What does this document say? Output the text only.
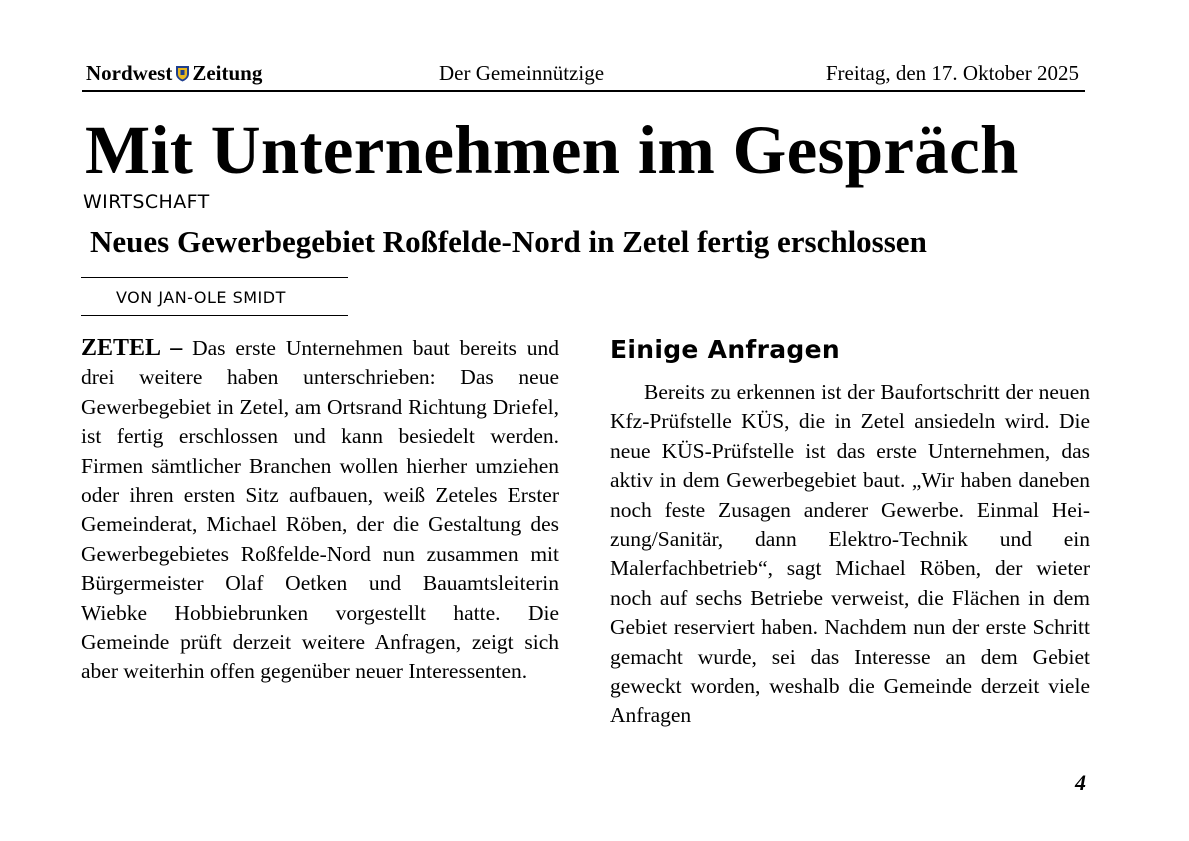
Nordwest Zeitung	Der Gemeinnützige	Freitag, den 17. Oktober 2025
Mit Unternehmen im Gespräch
WIRTSCHAFT
Neues Gewerbegebiet Roßfelde-Nord in Zetel fertig erschlossen
VON JAN-OLE SMIDT

ZETEL – Das erste Unternehmen baut bereits und drei weitere haben unterschrieben: Das neue Gewerbegebiet in Zetel, am Ortsrand Richtung Driefel, ist fertig erschlossen und kann besiedelt werden. Firmen sämtlicher Branchen wollen hierher umziehen oder ihren ersten Sitz aufbauen, weiß Zeteles Erster Gemeinderat, Michael Röben, der die Gestaltung des Gewerbegebietes Roßfelde-Nord nun zusammen mit Bürgermeister Olaf Oetken und Bauamtsleiterin Wiebke Hobbiebrunken vorgestellt hatte. Die Gemeinde prüft derzeit weitere Anfragen, zeigt sich aber weiterhin offen gegenüber neuer Interessenten.

Einige Anfragen

Bereits zu erkennen ist der Baufortschritt der neuen Kfz-Prüfstelle KÜS, die in Zetel ansiedeln wird. Die neue KÜS-Prüfstelle ist das erste Unternehmen, das aktiv in dem Gewerbegebiet baut. „Wir haben daneben noch feste Zusagen anderer Gewerbe. Einmal Heizung/Sanitär, dann Elektro-Technik und ein Malerfachbetrieb“, sagt Michael Röben, der wieter noch auf sechs Betriebe verweist, die Flächen in dem Gebiet reserviert haben. Nachdem nun der erste Schritt gemacht wurde, sei das Interesse an dem Gebiet geweckt worden, weshalb die Gemeinde derzeit viele Anfragen

4
